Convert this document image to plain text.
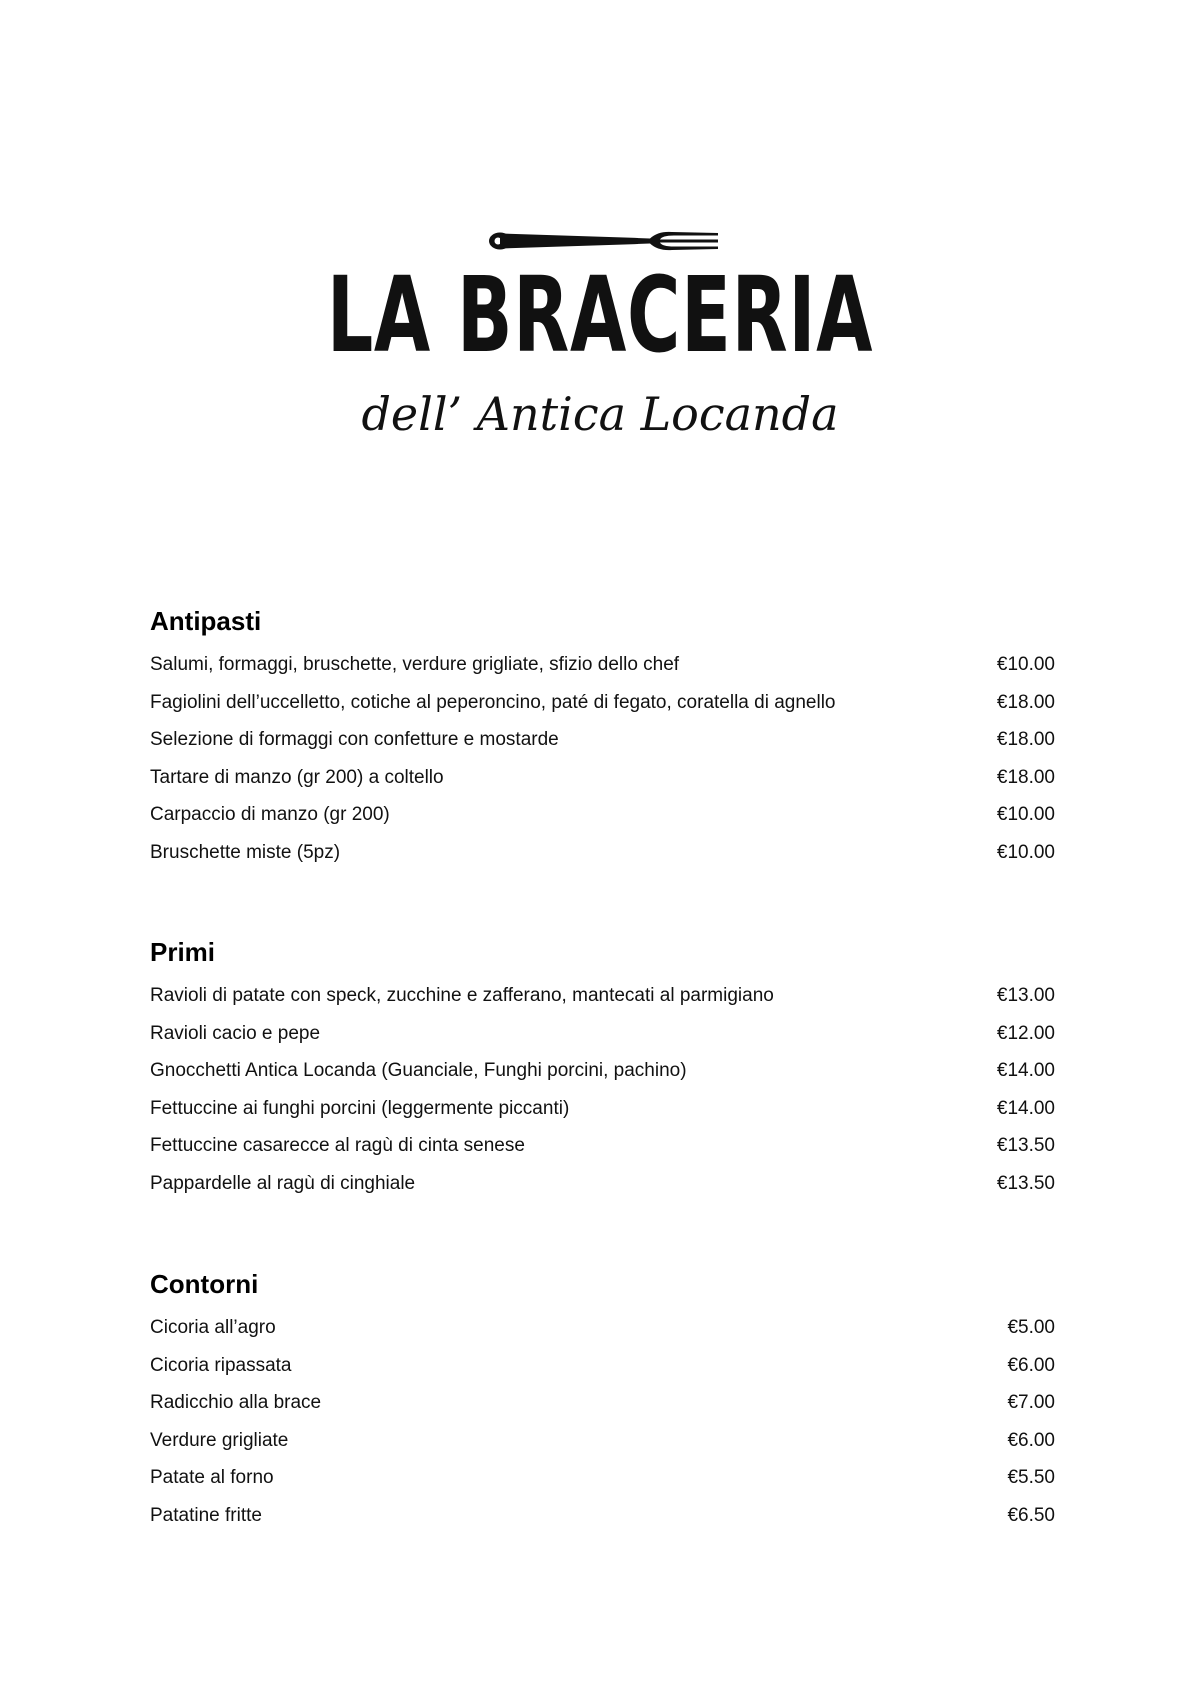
LA BRACERIA
dell’ Antica Locanda
Antipasti
Salumi, formaggi, bruschette, verdure grigliate, sfizio dello chef	€10.00
Fagiolini dell’uccelletto, cotiche al peperoncino, paté di fegato, coratella di agnello	€18.00
Selezione di formaggi con confetture e mostarde	€18.00
Tartare di manzo (gr 200) a coltello	€18.00
Carpaccio di manzo (gr 200)	€10.00
Bruschette miste (5pz)	€10.00
Primi
Ravioli di patate con speck, zucchine e zafferano, mantecati al parmigiano	€13.00
Ravioli cacio e pepe	€12.00
Gnocchetti Antica Locanda (Guanciale, Funghi porcini, pachino)	€14.00
Fettuccine ai funghi porcini (leggermente piccanti)	€14.00
Fettuccine casarecce al ragù di cinta senese	€13.50
Pappardelle al ragù di cinghiale	€13.50
Contorni
Cicoria all’agro	€5.00
Cicoria ripassata	€6.00
Radicchio alla brace	€7.00
Verdure grigliate	€6.00
Patate al forno	€5.50
Patatine fritte	€6.50
